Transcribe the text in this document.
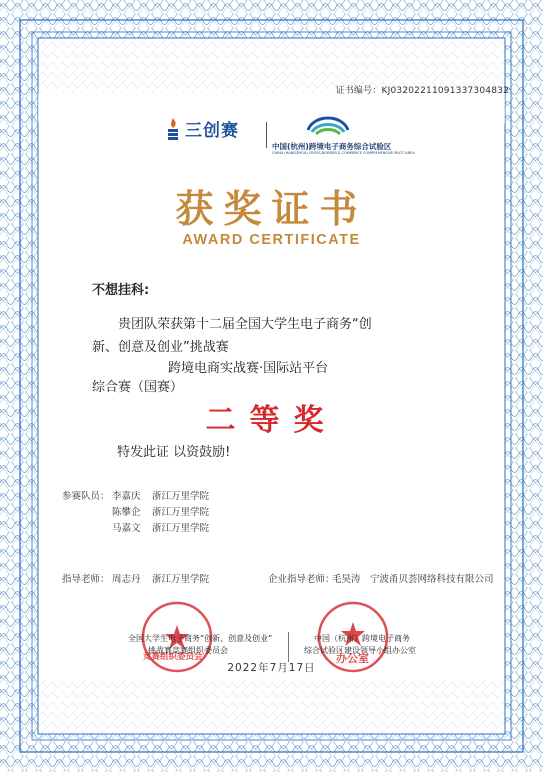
证书编号：KJ03202211091337304832
三创赛
中国(杭州)跨境电子商务综合试验区
CHINA (HANGZHOU) CROSS-BORDER E-COMMERCE COMPREHENSIVE PILOT AREA
获奖证书
AWARD CERTIFICATE
不想挂科:
贵团队荣获第十二届全国大学生电子商务“创
新、创意及创业”挑战赛
跨境电商实战赛·国际站平台
综合赛（国赛）
二等奖
特发此证 以资鼓励!
参赛队员： 李嘉庆 浙江万里学院
陈攀企 浙江万里学院
马嘉文 浙江万里学院
指导老师： 周志丹 浙江万里学院	企业指导老师：
毛昊涛 宁波甬贝荟网络科技有限公司
竞赛组织委员会	办公室
全国大学生电子商务“创新、创意及创业”
挑战赛竞赛组织委员会
中国（杭州）跨境电子商务
综合试验区建设领导小组办公室
2022年7月17日
